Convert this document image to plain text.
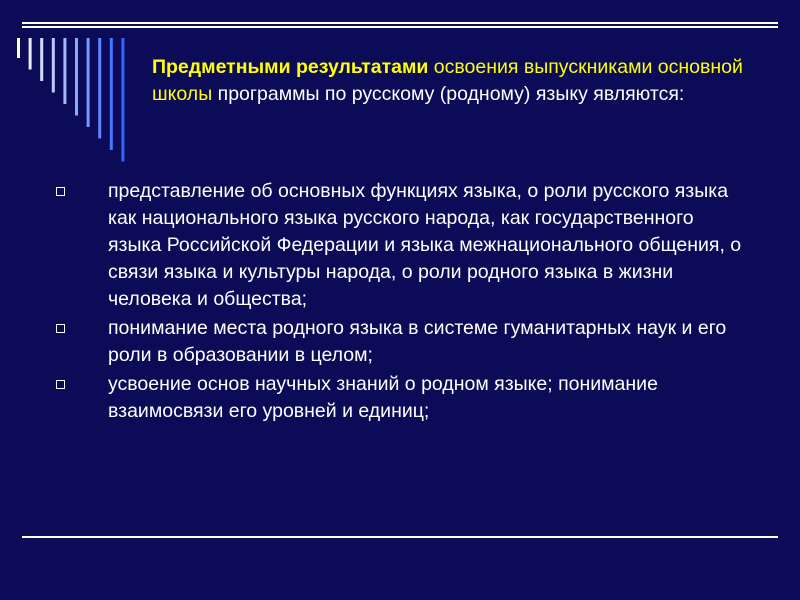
Предметными результатами освоения выпускниками основной школы программы по русскому (родному) языку являются:
представление об основных функциях языка, о роли русского языка как национального языка русского народа, как государственного языка Российской Федерации и языка межнационального общения, о связи языка и культуры народа, о роли родного языка в жизни человека и общества;
понимание места родного языка в системе гуманитарных наук и его роли в образовании в целом;
усвоение основ научных знаний о родном языке; понимание взаимосвязи его уровней и единиц;
